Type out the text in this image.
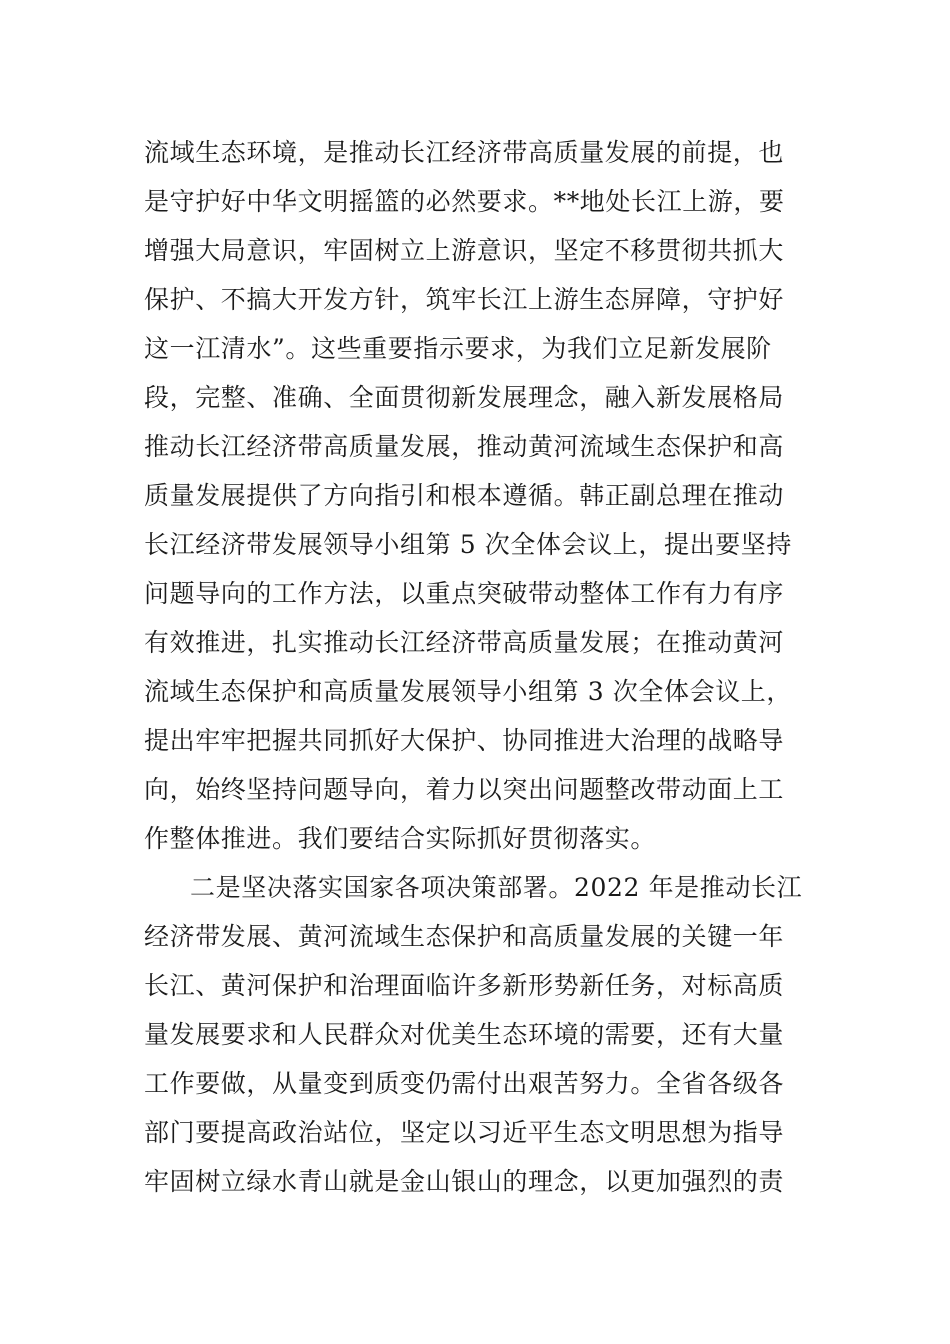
流域生态环境，是推动长江经济带高质量发展的前提，也
是守护好中华文明摇篮的必然要求。**地处长江上游，要
增强大局意识，牢固树立上游意识，坚定不移贯彻共抓大
保护、不搞大开发方针，筑牢长江上游生态屏障，守护好
这一江清水”。这些重要指示要求，为我们立足新发展阶
段，完整、准确、全面贯彻新发展理念，融入新发展格局
推动长江经济带高质量发展，推动黄河流域生态保护和高
质量发展提供了方向指引和根本遵循。韩正副总理在推动
长江经济带发展领导小组第 5 次全体会议上，提出要坚持
问题导向的工作方法，以重点突破带动整体工作有力有序
有效推进，扎实推动长江经济带高质量发展；在推动黄河
流域生态保护和高质量发展领导小组第 3 次全体会议上，
提出牢牢把握共同抓好大保护、协同推进大治理的战略导
向，始终坚持问题导向，着力以突出问题整改带动面上工
作整体推进。我们要结合实际抓好贯彻落实。
二是坚决落实国家各项决策部署。2022 年是推动长江
经济带发展、黄河流域生态保护和高质量发展的关键一年
长江、黄河保护和治理面临许多新形势新任务，对标高质
量发展要求和人民群众对优美生态环境的需要，还有大量
工作要做，从量变到质变仍需付出艰苦努力。全省各级各
部门要提高政治站位，坚定以习近平生态文明思想为指导
牢固树立绿水青山就是金山银山的理念，以更加强烈的责
